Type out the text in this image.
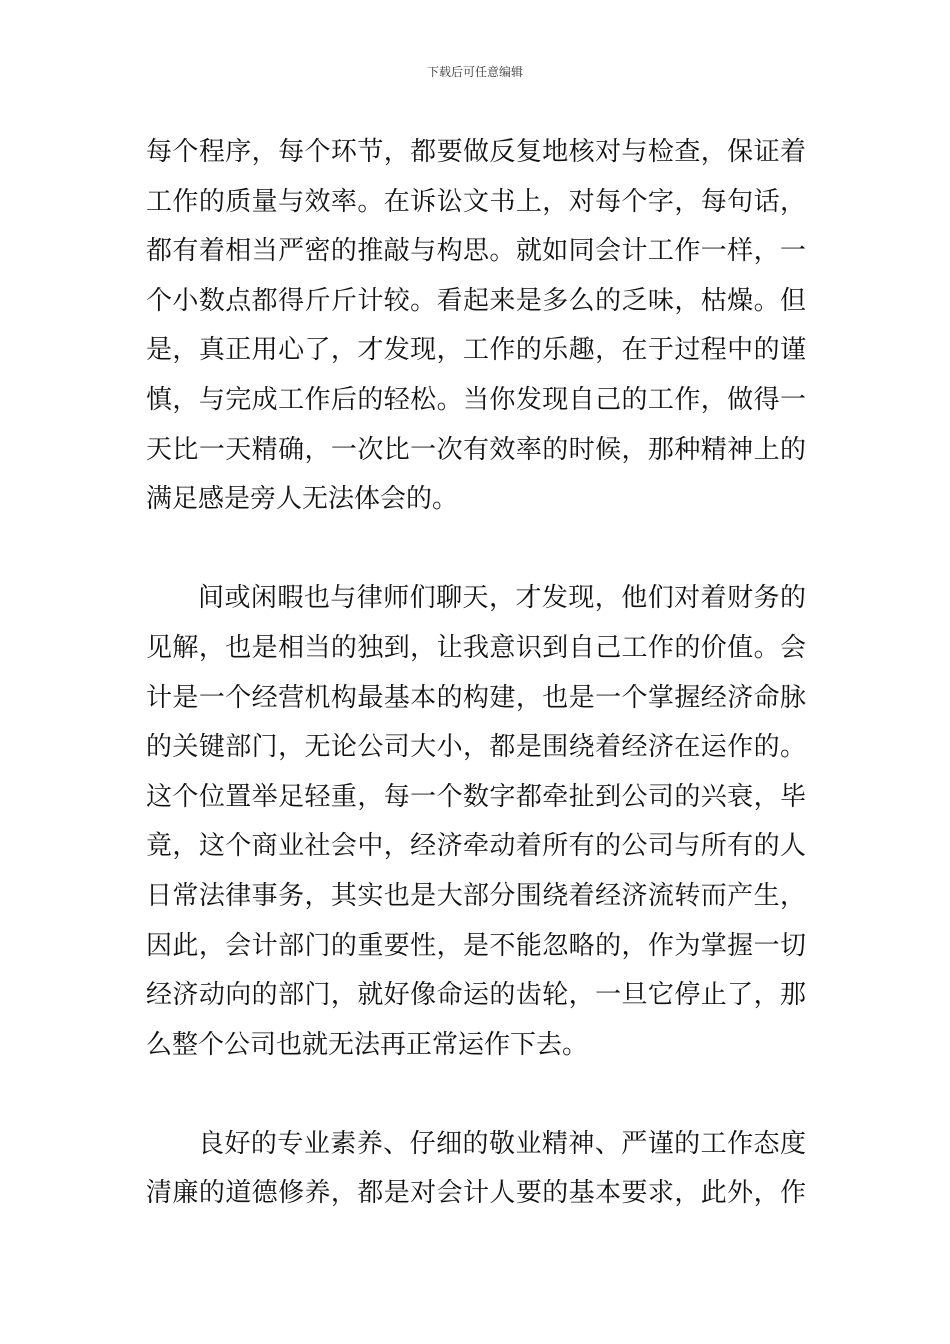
下载后可任意编辑
每个程序，每个环节，都要做反复地核对与检查，保证着
工作的质量与效率。在诉讼文书上，对每个字，每句话，
都有着相当严密的推敲与构思。就如同会计工作一样，一
个小数点都得斤斤计较。看起来是多么的乏味，枯燥。但
是，真正用心了，才发现，工作的乐趣，在于过程中的谨
慎，与完成工作后的轻松。当你发现自己的工作，做得一
天比一天精确，一次比一次有效率的时候，那种精神上的
满足感是旁人无法体会的。
间或闲暇也与律师们聊天，才发现，他们对着财务的
见解，也是相当的独到，让我意识到自己工作的价值。会
计是一个经营机构最基本的构建，也是一个掌握经济命脉
的关键部门，无论公司大小，都是围绕着经济在运作的。
这个位置举足轻重，每一个数字都牵扯到公司的兴衰，毕
竟，这个商业社会中，经济牵动着所有的公司与所有的人
日常法律事务，其实也是大部分围绕着经济流转而产生，
因此，会计部门的重要性，是不能忽略的，作为掌握一切
经济动向的部门，就好像命运的齿轮，一旦它停止了，那
么整个公司也就无法再正常运作下去。
良好的专业素养、仔细的敬业精神、严谨的工作态度
清廉的道德修养，都是对会计人要的基本要求，此外，作
